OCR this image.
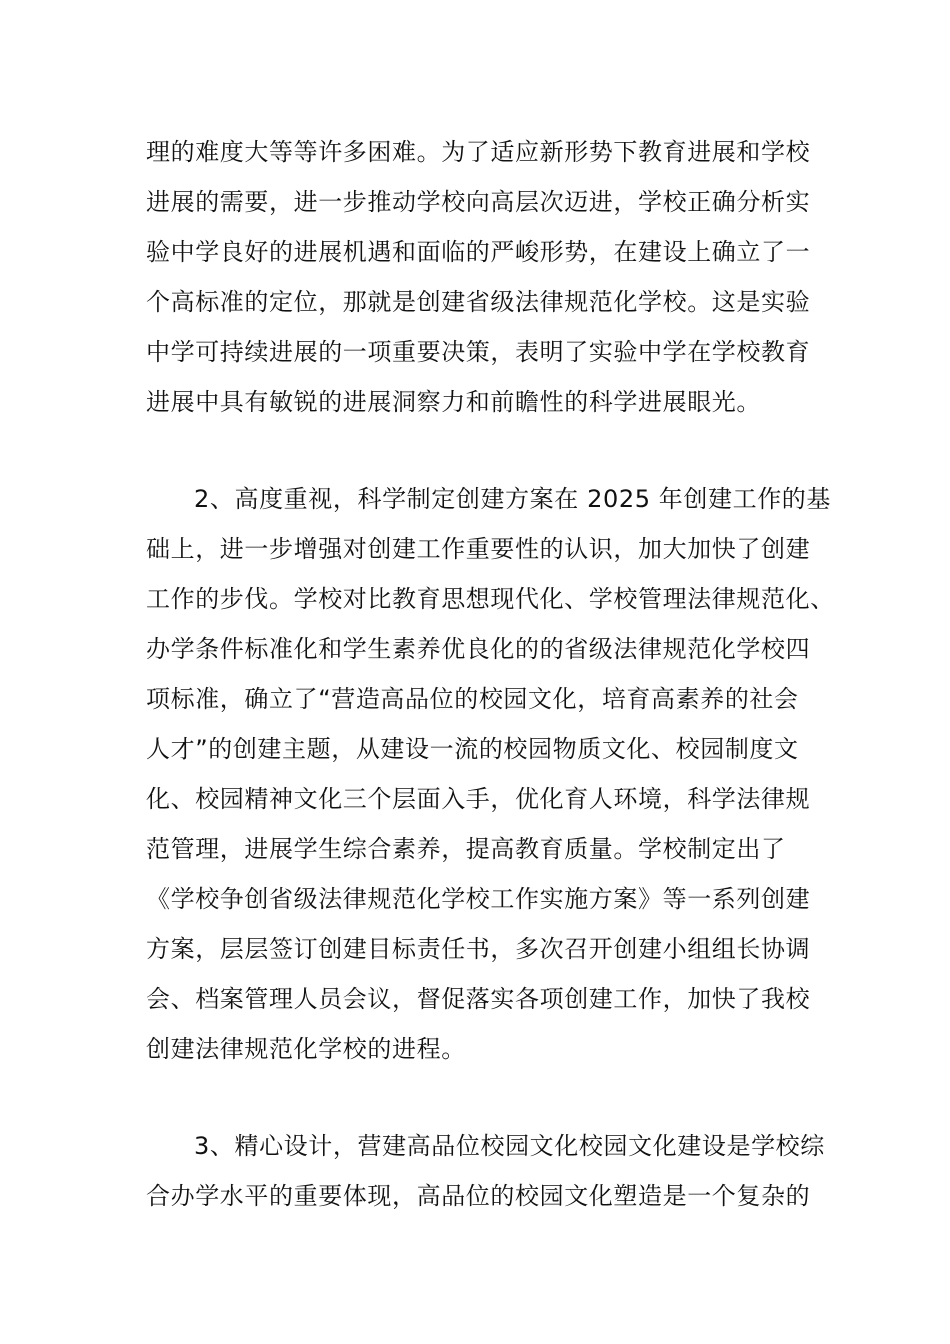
理的难度大等等许多困难。为了适应新形势下教育进展和学校
进展的需要，进一步推动学校向高层次迈进，学校正确分析实
验中学良好的进展机遇和面临的严峻形势，在建设上确立了一
个高标准的定位，那就是创建省级法律规范化学校。这是实验
中学可持续进展的一项重要决策，表明了实验中学在学校教育
进展中具有敏锐的进展洞察力和前瞻性的科学进展眼光。
2、高度重视，科学制定创建方案在 2025 年创建工作的基
础上，进一步增强对创建工作重要性的认识，加大加快了创建
工作的步伐。学校对比教育思想现代化、学校管理法律规范化、
办学条件标准化和学生素养优良化的的省级法律规范化学校四
项标准，确立了“营造高品位的校园文化，培育高素养的社会
人才”的创建主题，从建设一流的校园物质文化、校园制度文
化、校园精神文化三个层面入手，优化育人环境，科学法律规
范管理，进展学生综合素养，提高教育质量。学校制定出了
《学校争创省级法律规范化学校工作实施方案》等一系列创建
方案，层层签订创建目标责任书，多次召开创建小组组长协调
会、档案管理人员会议，督促落实各项创建工作，加快了我校
创建法律规范化学校的进程。
3、精心设计，营建高品位校园文化校园文化建设是学校综
合办学水平的重要体现，高品位的校园文化塑造是一个复杂的
